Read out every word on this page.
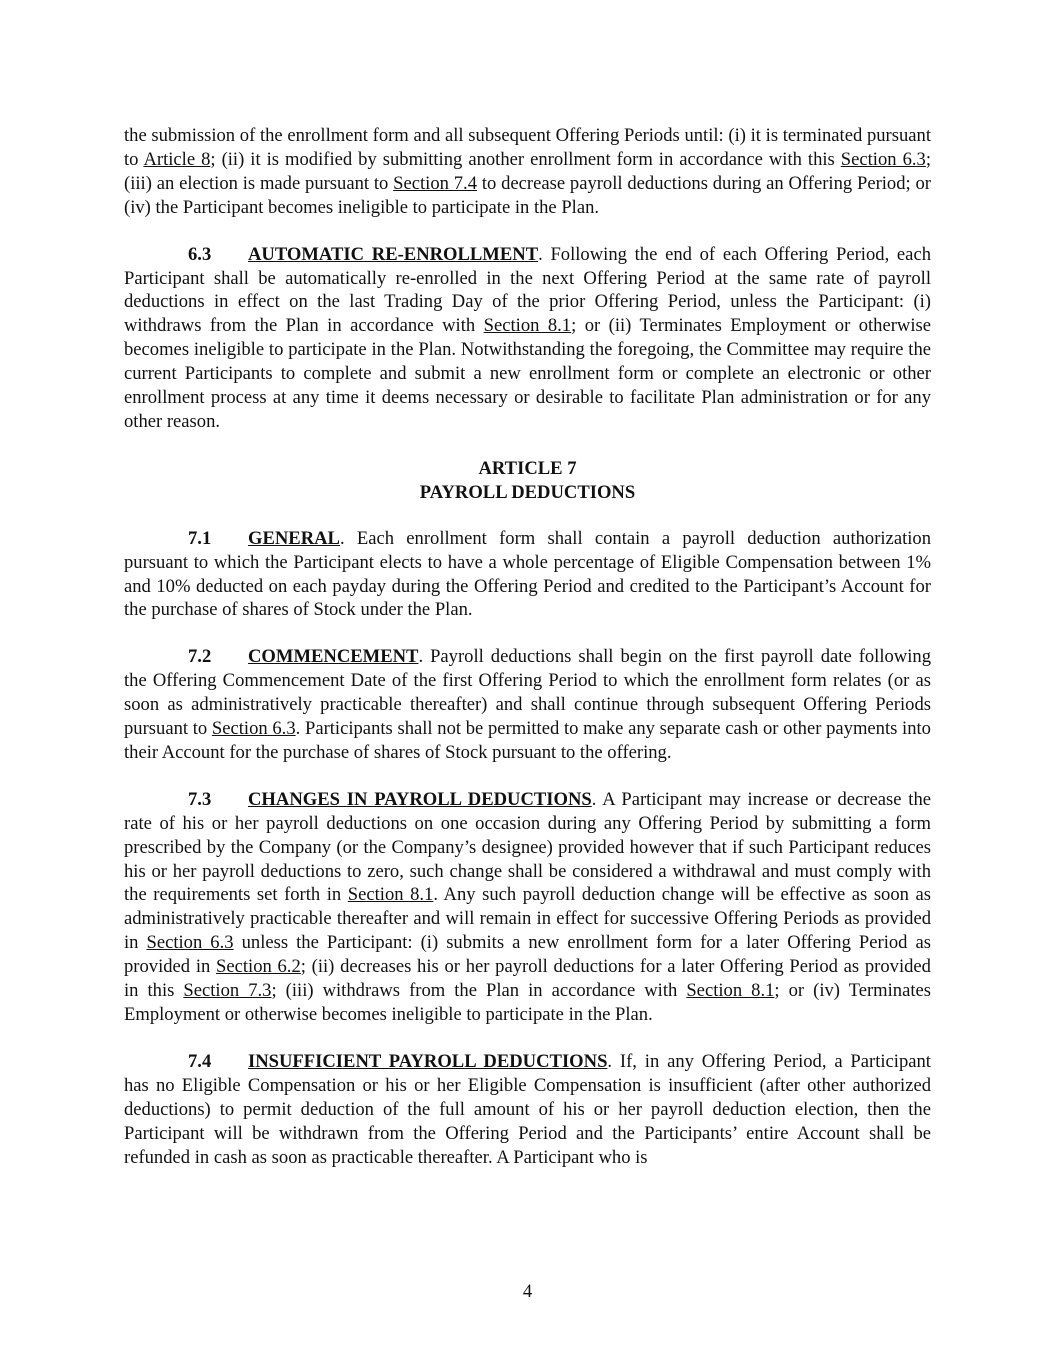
the submission of the enrollment form and all subsequent Offering Periods until: (i) it is terminated pursuant to Article 8; (ii) it is modified by submitting another enrollment form in accordance with this Section 6.3; (iii) an election is made pursuant to Section 7.4 to decrease payroll deductions during an Offering Period; or (iv) the Participant becomes ineligible to participate in the Plan.

6.3 AUTOMATIC RE-ENROLLMENT. Following the end of each Offering Period, each Participant shall be automatically re-enrolled in the next Offering Period at the same rate of payroll deductions in effect on the last Trading Day of the prior Offering Period, unless the Participant: (i) withdraws from the Plan in accordance with Section 8.1; or (ii) Terminates Employment or otherwise becomes ineligible to participate in the Plan. Notwithstanding the foregoing, the Committee may require the current Participants to complete and submit a new enrollment form or complete an electronic or other enrollment process at any time it deems necessary or desirable to facilitate Plan administration or for any other reason.

ARTICLE 7
PAYROLL DEDUCTIONS

7.1 GENERAL. Each enrollment form shall contain a payroll deduction authorization pursuant to which the Participant elects to have a whole percentage of Eligible Compensation between 1% and 10% deducted on each payday during the Offering Period and credited to the Participant’s Account for the purchase of shares of Stock under the Plan.

7.2 COMMENCEMENT. Payroll deductions shall begin on the first payroll date following the Offering Commencement Date of the first Offering Period to which the enrollment form relates (or as soon as administratively practicable thereafter) and shall continue through subsequent Offering Periods pursuant to Section 6.3. Participants shall not be permitted to make any separate cash or other payments into their Account for the purchase of shares of Stock pursuant to the offering.

7.3 CHANGES IN PAYROLL DEDUCTIONS. A Participant may increase or decrease the rate of his or her payroll deductions on one occasion during any Offering Period by submitting a form prescribed by the Company (or the Company’s designee) provided however that if such Participant reduces his or her payroll deductions to zero, such change shall be considered a withdrawal and must comply with the requirements set forth in Section 8.1. Any such payroll deduction change will be effective as soon as administratively practicable thereafter and will remain in effect for successive Offering Periods as provided in Section 6.3 unless the Participant: (i) submits a new enrollment form for a later Offering Period as provided in Section 6.2; (ii) decreases his or her payroll deductions for a later Offering Period as provided in this Section 7.3; (iii) withdraws from the Plan in accordance with Section 8.1; or (iv) Terminates Employment or otherwise becomes ineligible to participate in the Plan.

7.4 INSUFFICIENT PAYROLL DEDUCTIONS. If, in any Offering Period, a Participant has no Eligible Compensation or his or her Eligible Compensation is insufficient (after other authorized deductions) to permit deduction of the full amount of his or her payroll deduction election, then the Participant will be withdrawn from the Offering Period and the Participants’ entire Account shall be refunded in cash as soon as practicable thereafter. A Participant who is

4
